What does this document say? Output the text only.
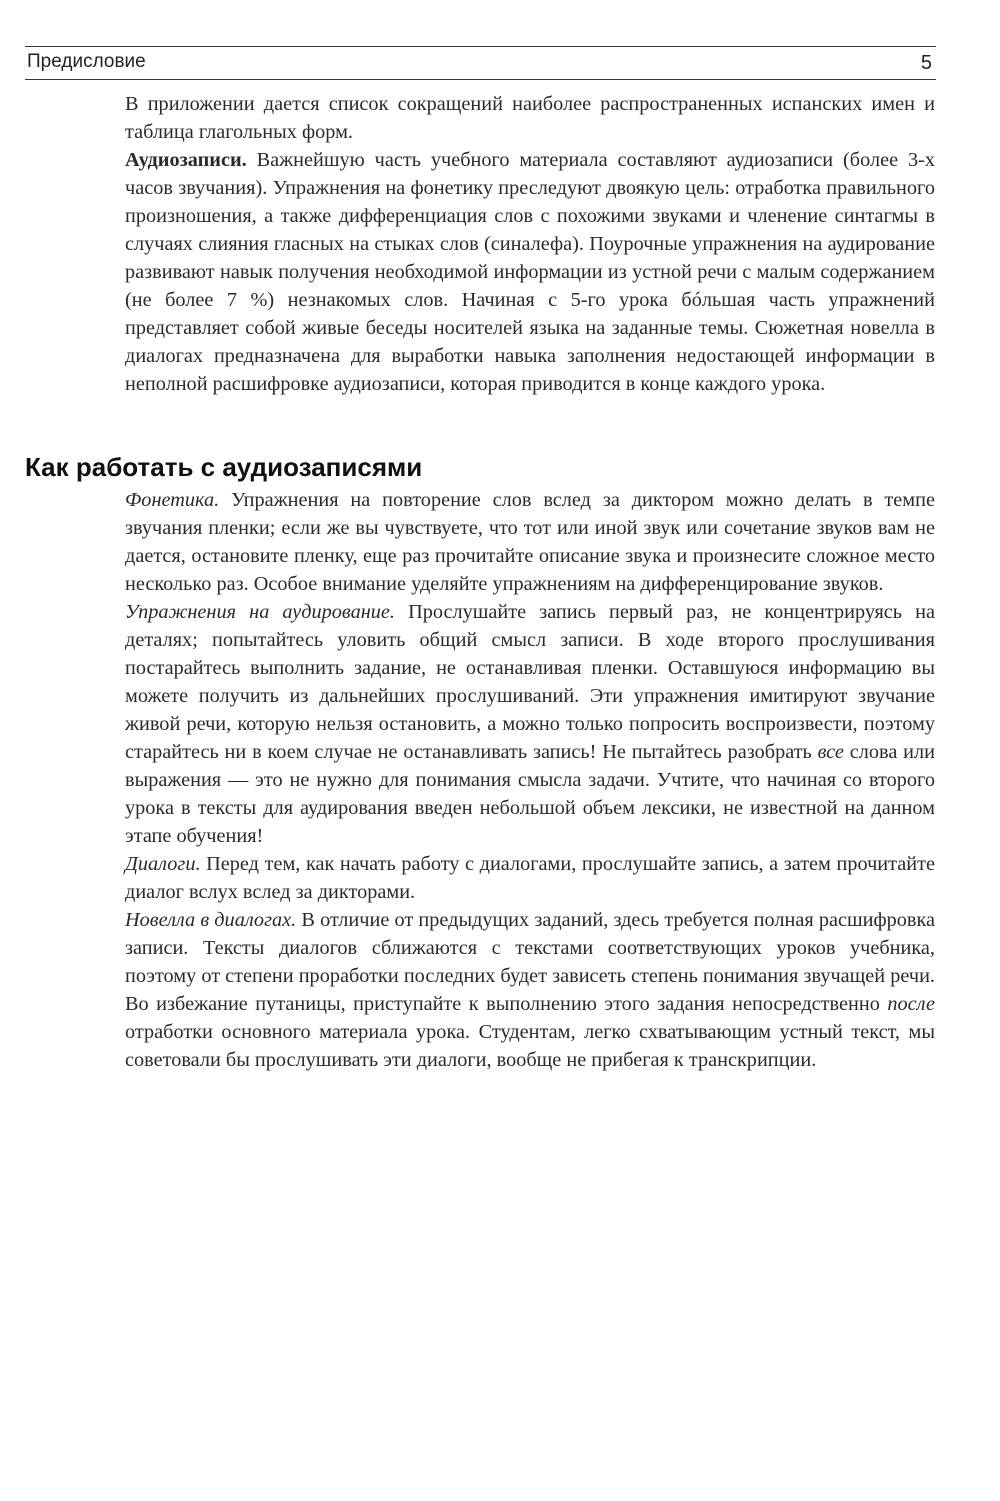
Предисловие	5

В приложении дается список сокращений наиболее распространенных испанских имен и таблица глагольных форм.

Аудиозаписи. Важнейшую часть учебного материала составляют аудиозаписи (более 3-х часов звучания). Упражнения на фонетику преследуют двоякую цель: отработка правильного произношения, а также дифференциация слов с похожими звуками и членение синтагмы в случаях слияния гласных на стыках слов (синалефа). Поурочные упражнения на аудирование развивают навык получения необходимой информации из устной речи с малым содержанием (не более 7 %) незнакомых слов. Начиная с 5-го урока бóльшая часть упражнений представляет собой живые беседы носителей языка на заданные темы. Сюжетная новелла в диалогах предназначена для выработки навыка заполнения недостающей информации в неполной расшифровке аудиозаписи, которая приводится в конце каждого урока.

Как работать с аудиозаписями

Фонетика. Упражнения на повторение слов вслед за диктором можно делать в темпе звучания пленки; если же вы чувствуете, что тот или иной звук или сочетание звуков вам не дается, остановите пленку, еще раз прочитайте описание звука и произнесите сложное место несколько раз. Особое внимание уделяйте упражнениям на дифференцирование звуков.

Упражнения на аудирование. Прослушайте запись первый раз, не концентрируясь на деталях; попытайтесь уловить общий смысл записи. В ходе второго прослушивания постарайтесь выполнить задание, не останавливая пленки. Оставшуюся информацию вы можете получить из дальнейших прослушиваний. Эти упражнения имитируют звучание живой речи, которую нельзя остановить, а можно только попросить воспроизвести, поэтому старайтесь ни в коем случае не останавливать запись! Не пытайтесь разобрать все слова или выражения — это не нужно для понимания смысла задачи. Учтите, что начиная со второго урока в тексты для аудирования введен небольшой объем лексики, не известной на данном этапе обучения!

Диалоги. Перед тем, как начать работу с диалогами, прослушайте запись, а затем прочитайте диалог вслух вслед за дикторами.

Новелла в диалогах. В отличие от предыдущих заданий, здесь требуется полная расшифровка записи. Тексты диалогов сближаются с текстами соответствующих уроков учебника, поэтому от степени проработки последних будет зависеть степень понимания звучащей речи. Во избежание путаницы, приступайте к выполнению этого задания непосредственно после отработки основного материала урока. Студентам, легко схватывающим устный текст, мы советовали бы прослушивать эти диалоги, вообще не прибегая к транскрипции.
